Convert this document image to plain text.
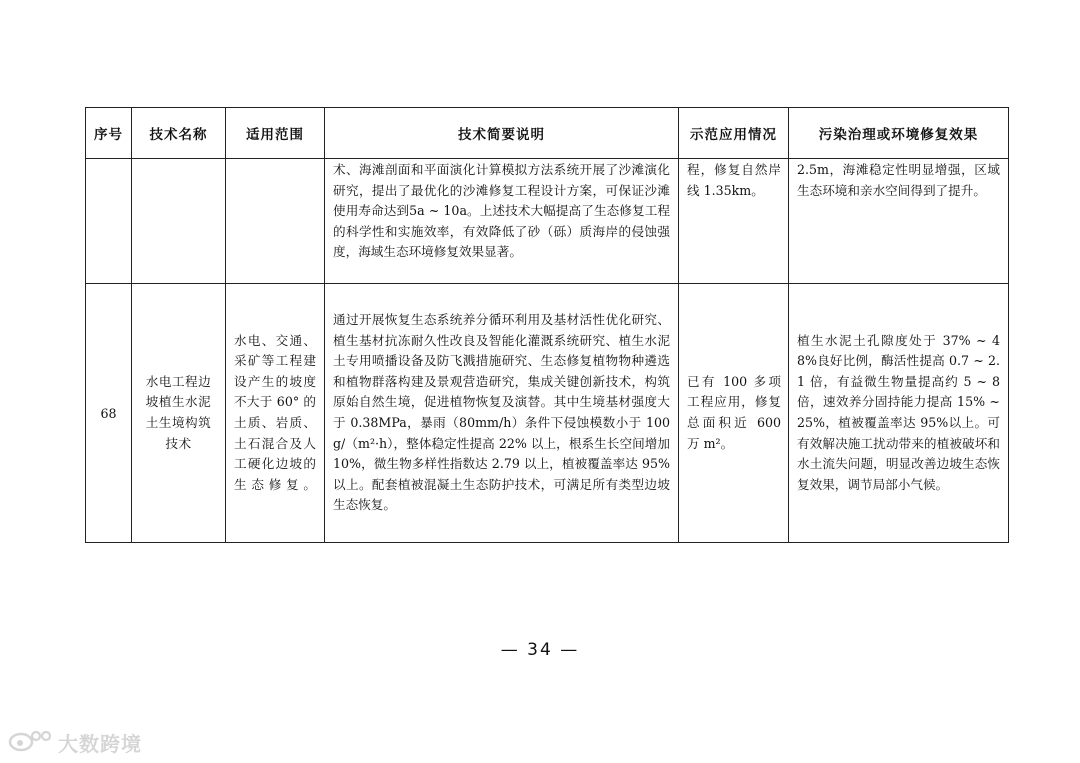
序号	技术名称	适用范围	技术简要说明	示范应用情况	污染治理或环境修复效果

			术、海滩剖面和平面演化计算模拟方法系统开展了沙滩演化研究，提出了最优化的沙滩修复工程设计方案，可保证沙滩使用寿命达到5a ~ 10a。上述技术大幅提高了生态修复工程的科学性和实施效率，有效降低了砂（砾）质海岸的侵蚀强度，海域生态环境修复效果显著。	程，修复自然岸线 1.35km。	2.5m，海滩稳定性明显增强，区域生态环境和亲水空间得到了提升。

68	水电工程边坡植生水泥土生境构筑技术	水电、交通、采矿等工程建设产生的坡度不大于 60° 的土质、岩质、土石混合及人工硬化边坡的生态修复。	通过开展恢复生态系统养分循环利用及基材活性优化研究、植生基材抗冻耐久性改良及智能化灌溉系统研究、植生水泥土专用喷播设备及防飞溅措施研究、生态修复植物物种遴选和植物群落构建及景观营造研究，集成关键创新技术，构筑原始自然生境，促进植物恢复及演替。其中生境基材强度大于 0.38MPa，暴雨（80mm/h）条件下侵蚀模数小于 100g/（m²·h），整体稳定性提高 22% 以上，根系生长空间增加 10%，微生物多样性指数达 2.79 以上，植被覆盖率达 95%以上。配套植被混凝土生态防护技术，可满足所有类型边坡生态恢复。	已有 100 多项工程应用，修复总面积近 600 万 m²。	植生水泥土孔隙度处于 37% ~ 48%良好比例，酶活性提高 0.7 ~ 2.1 倍，有益微生物量提高约 5 ~ 8 倍，速效养分固持能力提高 15% ~ 25%，植被覆盖率达 95%以上。可有效解决施工扰动带来的植被破坏和水土流失问题，明显改善边坡生态恢复效果，调节局部小气候。
— 34 —
大数跨境
